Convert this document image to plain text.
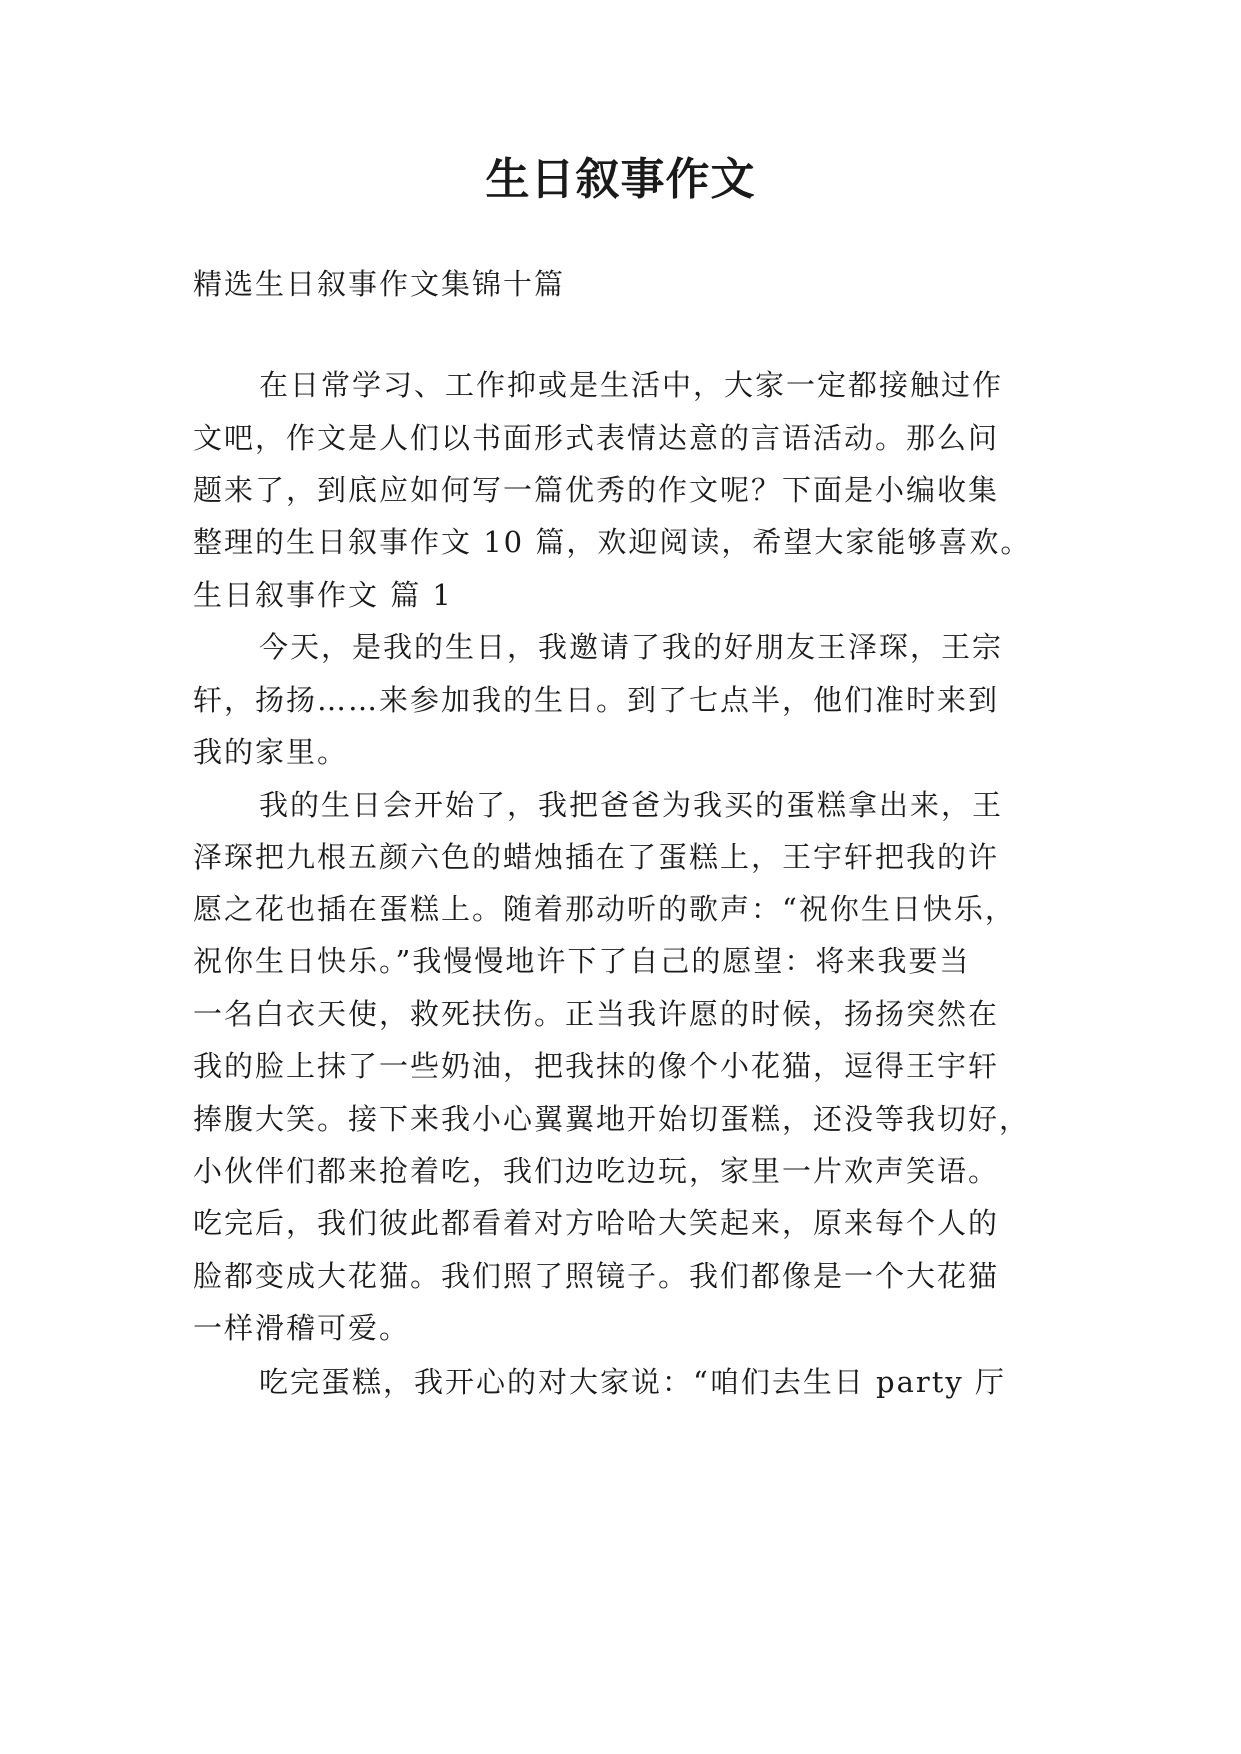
生日叙事作文

精选生日叙事作文集锦十篇

在日常学习、工作抑或是生活中，大家一定都接触过作

文吧，作文是人们以书面形式表情达意的言语活动。那么问

题来了，到底应如何写一篇优秀的作文呢？下面是小编收集

整理的生日叙事作文 10 篇，欢迎阅读，希望大家能够喜欢。

生日叙事作文 篇 1

今天，是我的生日，我邀请了我的好朋友王泽琛，王宗

轩，扬扬……来参加我的生日。到了七点半，他们准时来到

我的家里。

我的生日会开始了，我把爸爸为我买的蛋糕拿出来，王

泽琛把九根五颜六色的蜡烛插在了蛋糕上，王宇轩把我的许

愿之花也插在蛋糕上。随着那动听的歌声：“祝你生日快乐，

祝你生日快乐。”我慢慢地许下了自己的愿望：将来我要当

一名白衣天使，救死扶伤。正当我许愿的时候，扬扬突然在

我的脸上抹了一些奶油，把我抹的像个小花猫，逗得王宇轩

捧腹大笑。接下来我小心翼翼地开始切蛋糕，还没等我切好，

小伙伴们都来抢着吃，我们边吃边玩，家里一片欢声笑语。

吃完后，我们彼此都看着对方哈哈大笑起来，原来每个人的

脸都变成大花猫。我们照了照镜子。我们都像是一个大花猫

一样滑稽可爱。

吃完蛋糕，我开心的对大家说：“咱们去生日 party 厅
